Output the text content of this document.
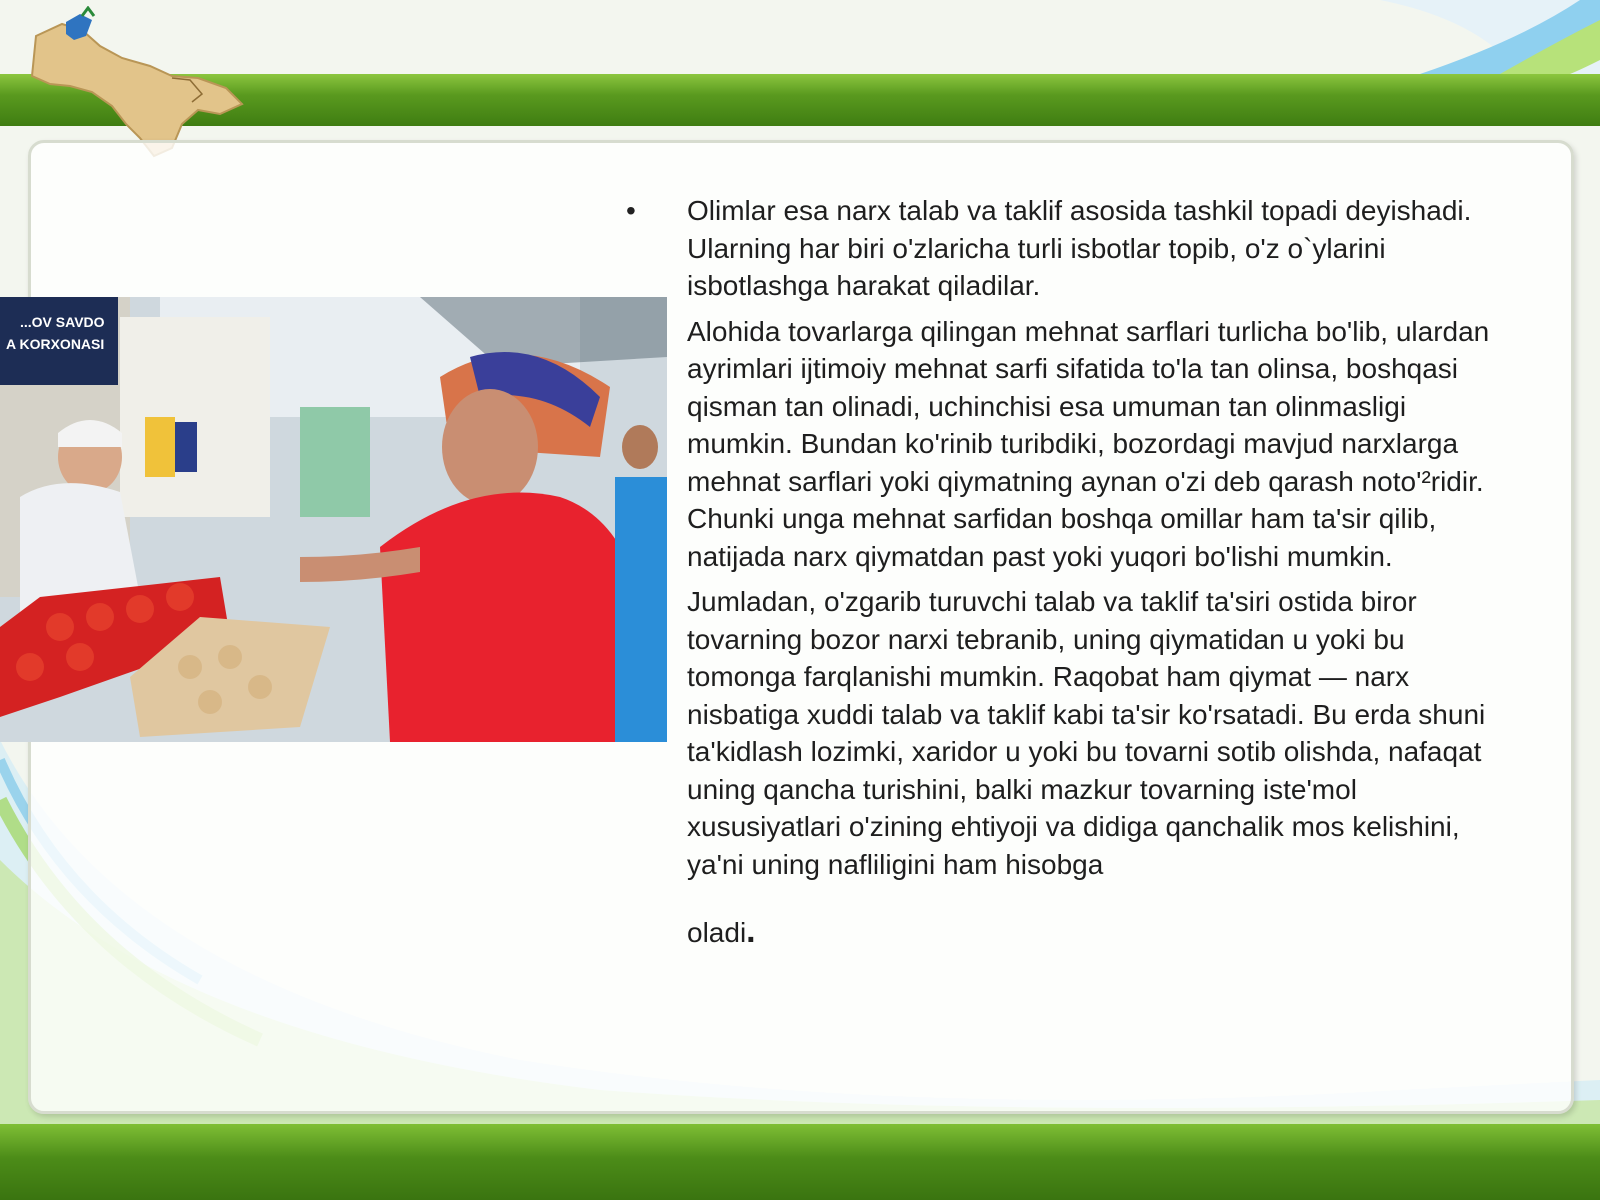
...OV SAVDO
A KORXONASI
• Olimlar esa narx talab va taklif asosida tashkil topadi deyishadi. Ularning har biri o'zlaricha turli isbotlar topib, o'z o`ylarini isbotlashga harakat qiladilar.

Alohida tovarlarga qilingan mehnat sarflari turlicha bo'lib, ulardan ayrimlari ijtimoiy mehnat sarfi sifatida to'la tan olinsa, boshqasi qisman tan olinadi, uchinchisi esa umuman tan olinmasligi mumkin. Bundan ko'rinib turibdiki, bozordagi mavjud narxlarga mehnat sarflari yoki qiymatning aynan o'zi deb qarash noto'²ridir. Chunki unga mehnat sarfidan boshqa omillar ham ta'sir qilib, natijada narx qiymatdan past yoki yuqori bo'lishi mumkin.

Jumladan, o'zgarib turuvchi talab va taklif ta'siri ostida biror tovarning bozor narxi tebranib, uning qiymatidan u yoki bu tomonga farqlanishi mumkin. Raqobat ham qiymat — narx nisbatiga xuddi talab va taklif kabi ta'sir ko'rsatadi. Bu erda shuni ta'kidlash lozimki, xaridor u yoki bu tovarni sotib olishda, nafaqat uning qancha turishini, balki mazkur tovarning iste'mol xususiyatlari o'zining ehtiyoji va didiga qanchalik mos kelishini, ya'ni uning nafliligini ham hisobga

oladi.
